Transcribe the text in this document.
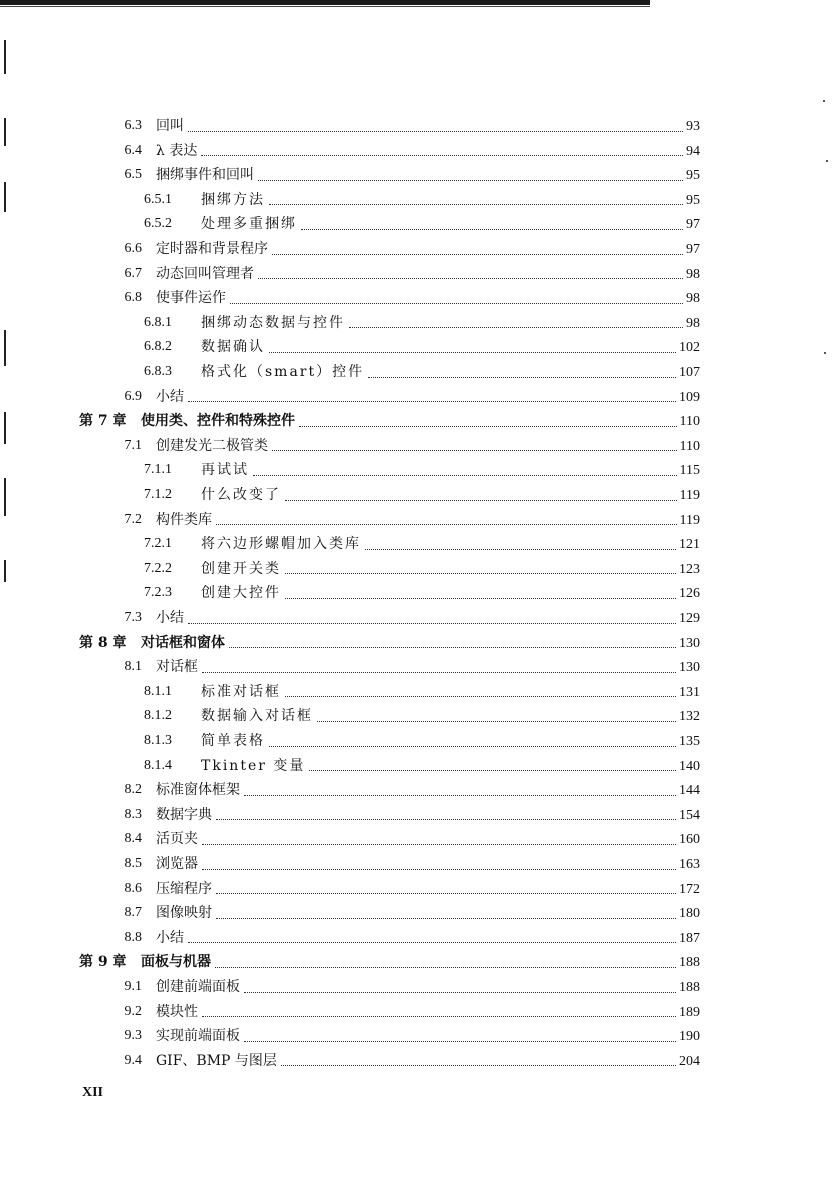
6.3 回叫	93
6.4 λ 表达	94
6.5 捆绑事件和回叫	95
6.5.1	捆绑方法	95
6.5.2	处理多重捆绑	97
6.6 定时器和背景程序	97
6.7 动态回叫管理者	98
6.8 使事件运作	98
6.8.1	捆绑动态数据与控件	98
6.8.2	数据确认	102
6.8.3	格式化（smart）控件	107
6.9 小结	109
第 7 章	使用类、控件和特殊控件	110
7.1 创建发光二极管类	110
7.1.1	再试试	115
7.1.2	什么改变了	119
7.2 构件类库	119
7.2.1	将六边形螺帽加入类库	121
7.2.2	创建开关类	123
7.2.3	创建大控件	126
7.3 小结	129
第 8 章	对话框和窗体	130
8.1 对话框	130
8.1.1	标准对话框	131
8.1.2	数据输入对话框	132
8.1.3	简单表格	135
8.1.4	Tkinter 变量	140
8.2 标准窗体框架	144
8.3 数据字典	154
8.4 活页夹	160
8.5 浏览器	163
8.6 压缩程序	172
8.7 图像映射	180
8.8 小结	187
第 9 章	面板与机器	188
9.1 创建前端面板	188
9.2 模块性	189
9.3 实现前端面板	190
9.4 GIF、BMP 与图层	204
XII
